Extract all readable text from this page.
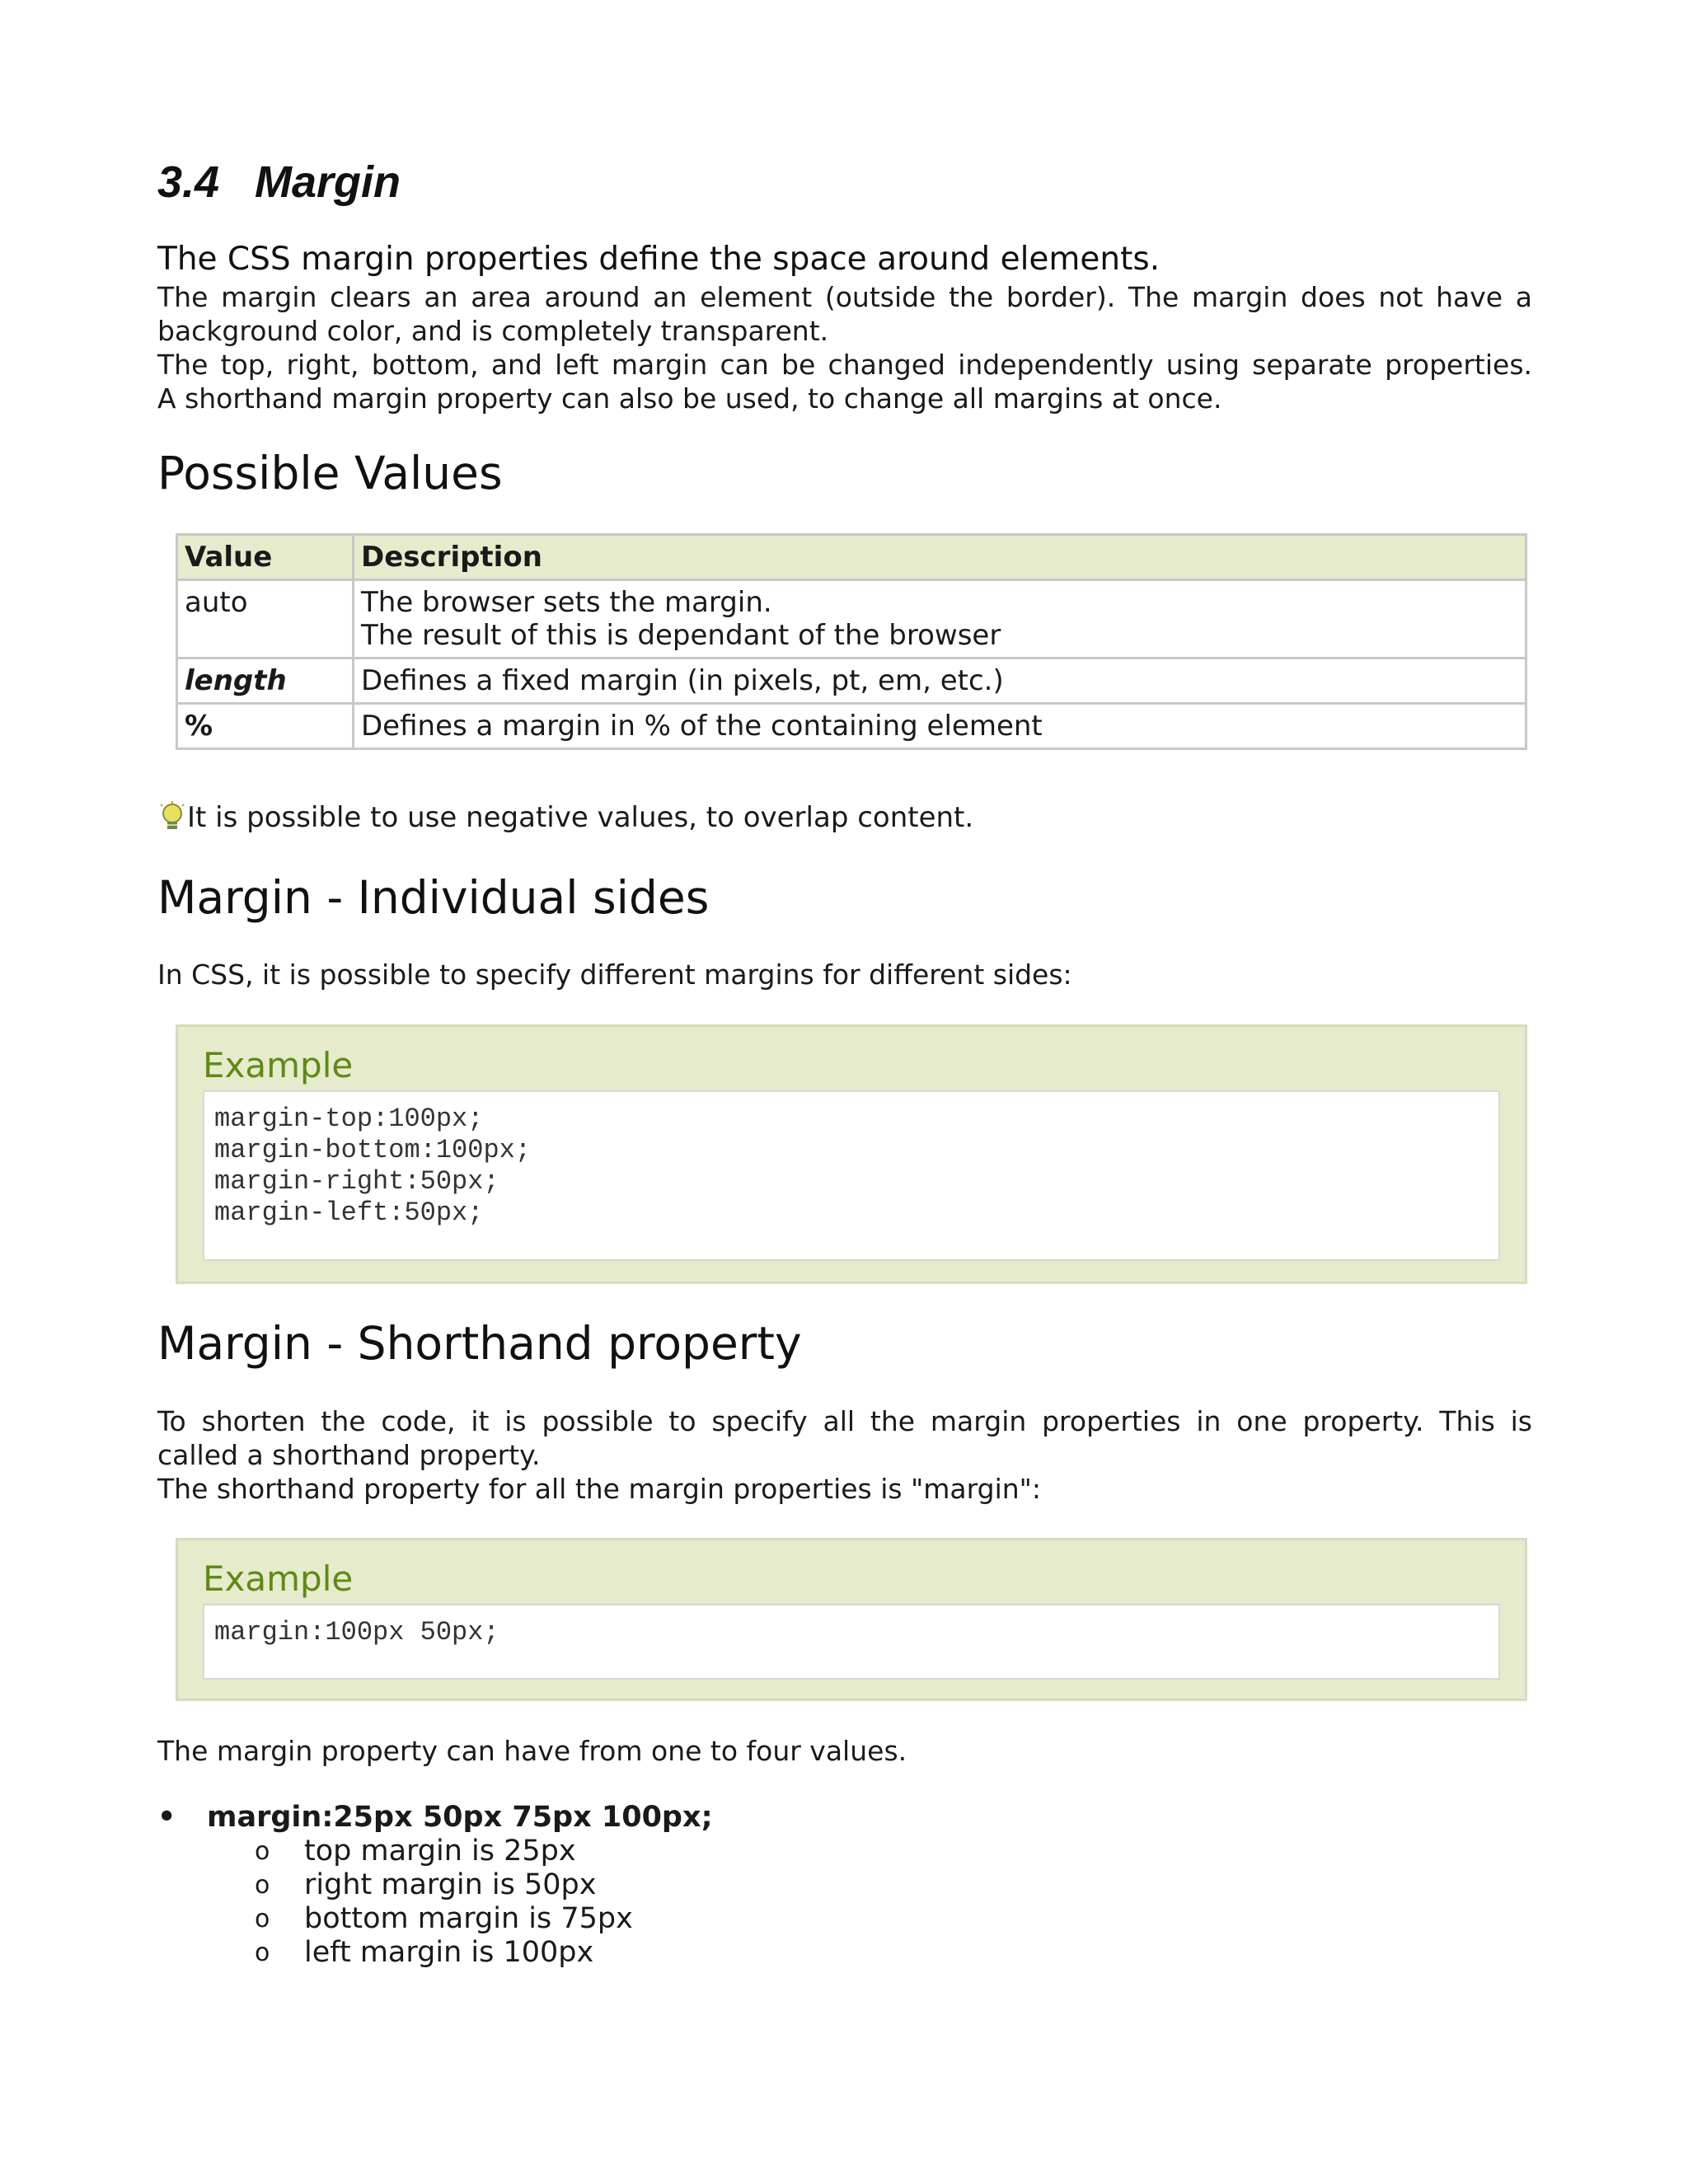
3.4 Margin
The CSS margin properties define the space around elements.

The margin clears an area around an element (outside the border). The margin does not have a
background color, and is completely transparent.
The top, right, bottom, and left margin can be changed independently using separate properties.
A shorthand margin property can also be used, to change all margins at once.

Possible Values
Value	Description
auto	The browser sets the margin.
The result of this is dependant of the browser

length	Defines a fixed margin (in pixels, pt, em, etc.)
%	Defines a margin in % of the containing element
It is possible to use negative values, to overlap content.
Margin - Individual sides

In CSS, it is possible to specify different margins for different sides:

Example
margin-top:100px;
margin-bottom:100px;
margin-right:50px;
margin-left:50px;
Margin - Shorthand property

To shorten the code, it is possible to specify all the margin properties in one property. This is
called a shorthand property.
The shorthand property for all the margin properties is "margin":

Example
margin:100px 50px;

The margin property can have from one to four values.

•	margin:25px 50px 75px 100px;
o	top margin is 25px
o	right margin is 50px
o	bottom margin is 75px
o	left margin is 100px
